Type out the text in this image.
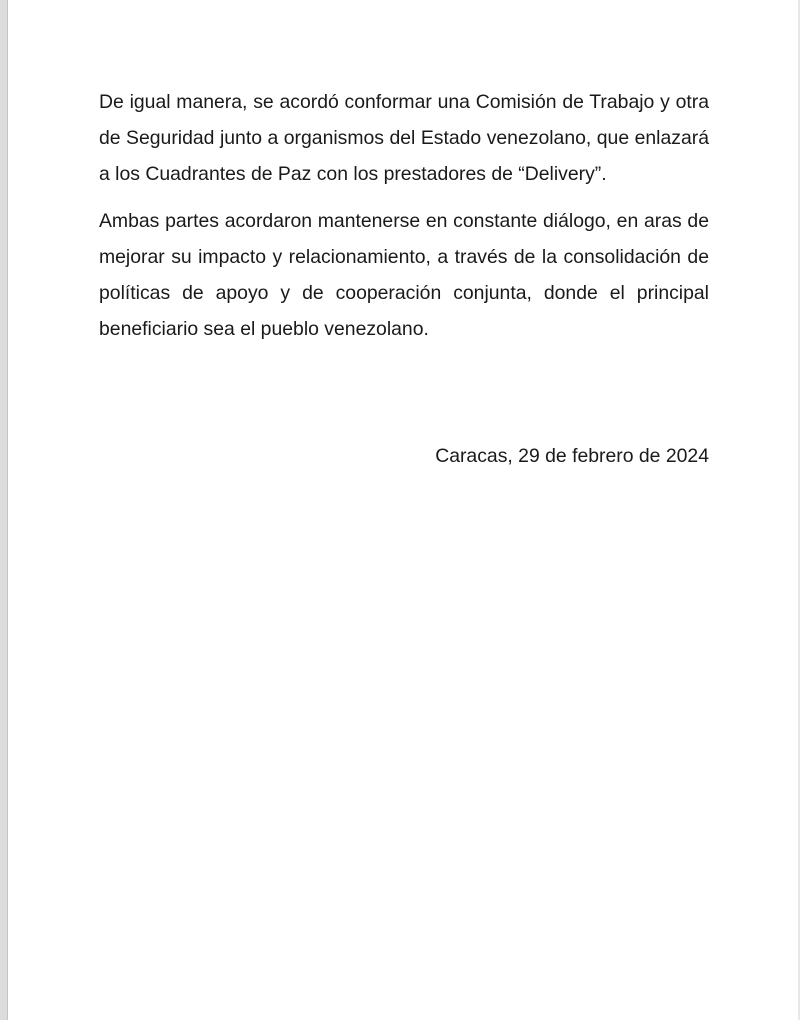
De igual manera, se acordó conformar una Comisión de Trabajo y otra de Seguridad junto a organismos del Estado venezolano, que enlazará a los Cuadrantes de Paz con los prestadores de “Delivery”.

Ambas partes acordaron mantenerse en constante diálogo, en aras de mejorar su impacto y relacionamiento, a través de la consolidación de políticas de apoyo y de cooperación conjunta, donde el principal beneficiario sea el pueblo venezolano.

Caracas, 29 de febrero de 2024
